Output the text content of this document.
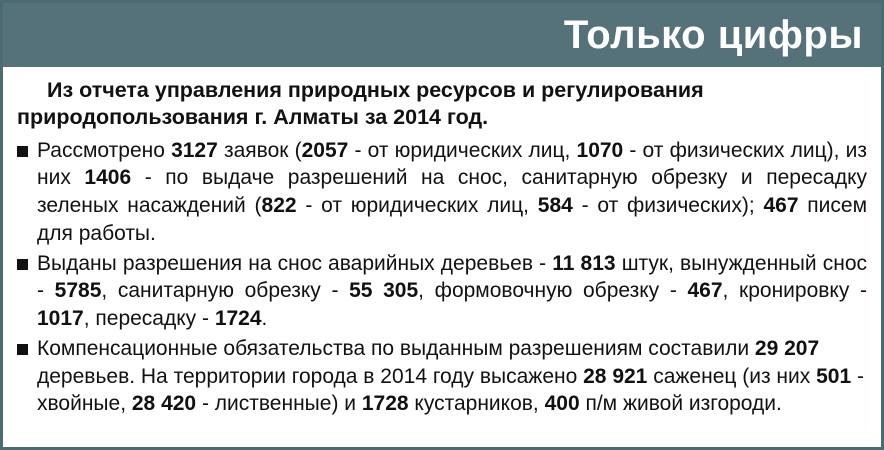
Только цифры
Из отчета управления природных ресурсов и регулирования природопользования г. Алматы за 2014 год.
Рассмотрено 3127 заявок (2057 - от юридических лиц, 1070 - от физических лиц), из них 1406 - по выдаче разрешений на снос, санитарную обрезку и пересадку зеленых насаждений (822 - от юридических лиц, 584 - от физических); 467 писем для работы.
Выданы разрешения на снос аварийных деревьев - 11 813 штук, вынужденный снос - 5785, санитарную обрезку - 55 305, формовочную обрезку - 467, кронировку - 1017, пересадку - 1724.
Компенсационные обязательства по выданным разрешениям составили 29 207 деревьев. На территории города в 2014 году высажено 28 921 саженец (из них 501 - хвойные, 28 420 - лиственные) и 1728 кустарников, 400 п/м живой изгороди.
